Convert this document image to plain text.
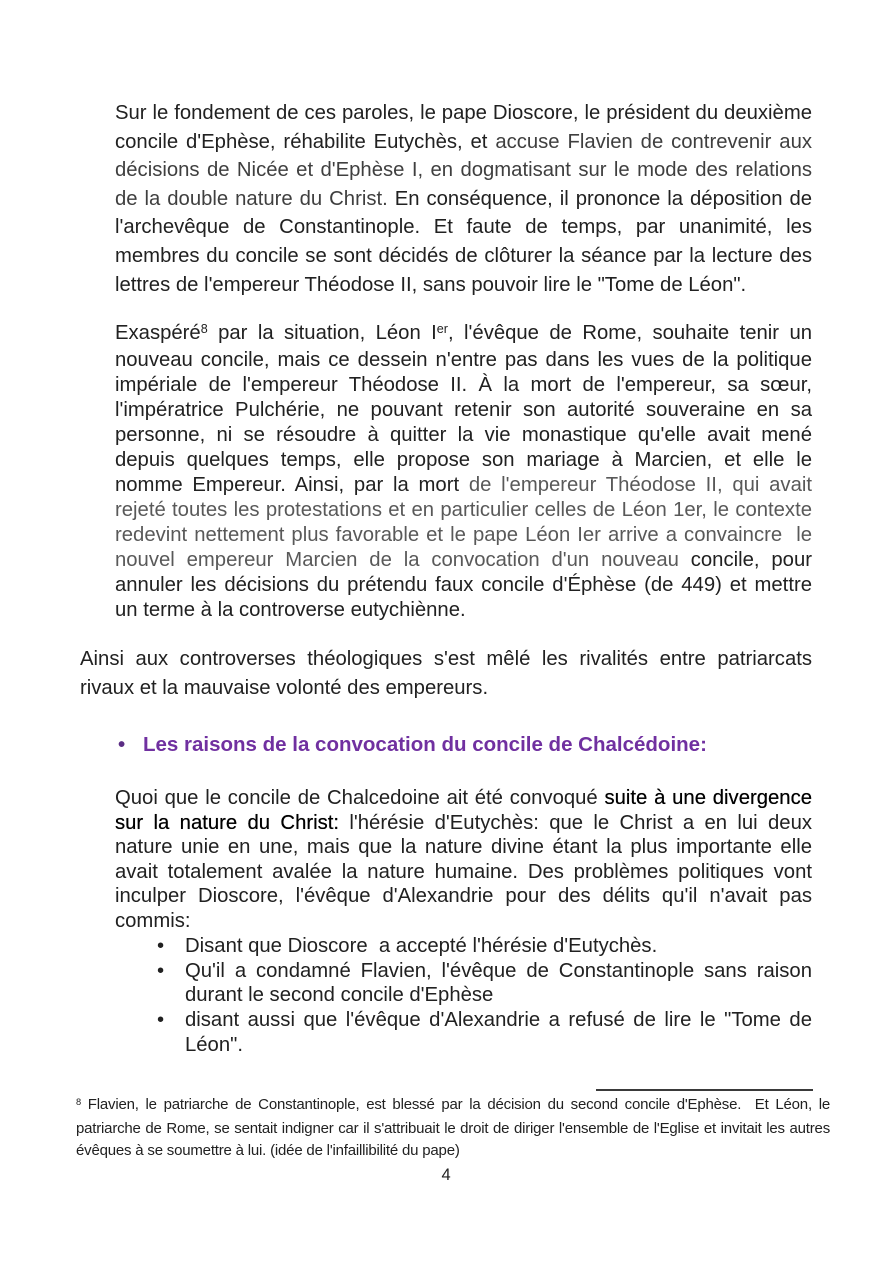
Sur le fondement de ces paroles, le pape Dioscore, le président du deuxième concile d'Ephèse, réhabilite Eutychès, et accuse Flavien de contrevenir aux décisions de Nicée et d'Ephèse I, en dogmatisant sur le mode des relations de la double nature du Christ. En conséquence, il prononce la déposition de l'archevêque de Constantinople. Et faute de temps, par unanimité, les membres du concile se sont décidés de clôturer la séance par la lecture des lettres de l'empereur Théodose II, sans pouvoir lire le "Tome de Léon".
Exaspéré$^8$ par la situation, Léon Ier, l'évêque de Rome, souhaite tenir un nouveau concile, mais ce dessein n'entre pas dans les vues de la politique impériale de l'empereur Théodose II. À la mort de l'empereur, sa sœur, l'impératrice Pulchérie, ne pouvant retenir son autorité souveraine en sa personne, ni se résoudre à quitter la vie monastique qu'elle avait mené depuis quelques temps, elle propose son mariage à Marcien, et elle le nomme Empereur. Ainsi, par la mort de l'empereur Théodose II, qui avait rejeté toutes les protestations et en particulier celles de Léon 1er, le contexte redevint nettement plus favorable et le pape Léon Ier arrive a convaincre  le nouvel empereur Marcien de la convocation d'un nouveau concile, pour annuler les décisions du prétendu faux concile d'Éphèse (de 449) et mettre un terme à la controverse eutychiènne.
Ainsi aux controverses théologiques s'est mêlé les rivalités entre patriarcats rivaux et la mauvaise volonté des empereurs.
• Les raisons de la convocation du concile de Chalcédoine:
Quoi que le concile de Chalcedoine ait été convoqué suite à une divergence sur la nature du Christ: l'hérésie d'Eutychès: que le Christ a en lui deux nature unie en une, mais que la nature divine étant la plus importante elle avait totalement avalée la nature humaine. Des problèmes politiques vont inculper Dioscore, l'évêque d'Alexandrie pour des délits qu'il n'avait pas commis:
• Disant que Dioscore  a accepté l'hérésie d'Eutychès.
• Qu'il a condamné Flavien, l'évêque de Constantinople sans raison durant le second concile d'Ephèse
• disant aussi que l'évêque d'Alexandrie a refusé de lire le "Tome de Léon".
$^8$ Flavien, le patriarche de Constantinople, est blessé par la décision du second concile d'Ephèse.  Et Léon, le patriarche de Rome, se sentait indigner car il s'attribuait le droit de diriger l'ensemble de l'Eglise et invitait les autres évêques à se soumettre à lui. (idée de l'infaillibilité du pape)
4
